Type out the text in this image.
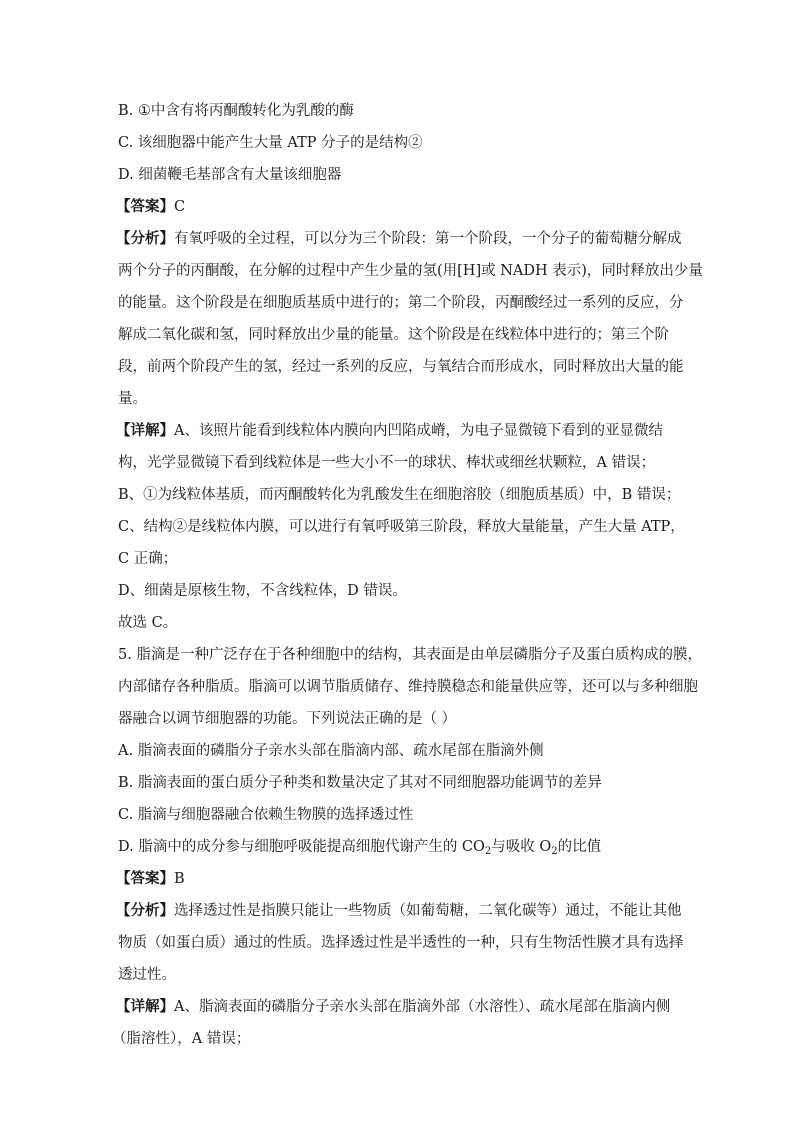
B. ①中含有将丙酮酸转化为乳酸的酶
C. 该细胞器中能产生大量 ATP 分子的是结构②
D. 细菌鞭毛基部含有大量该细胞器
【答案】C
【分析】有氧呼吸的全过程，可以分为三个阶段：第一个阶段，一个分子的葡萄糖分解成
两个分子的丙酮酸，在分解的过程中产生少量的氢(用[H]或 NADH 表示)，同时释放出少量
的能量。这个阶段是在细胞质基质中进行的；第二个阶段，丙酮酸经过一系列的反应，分
解成二氧化碳和氢，同时释放出少量的能量。这个阶段是在线粒体中进行的；第三个阶
段，前两个阶段产生的氢，经过一系列的反应，与氧结合而形成水，同时释放出大量的能
量。
【详解】A、该照片能看到线粒体内膜向内凹陷成嵴，为电子显微镜下看到的亚显微结
构，光学显微镜下看到线粒体是一些大小不一的球状、棒状或细丝状颗粒，A 错误；
B、①为线粒体基质，而丙酮酸转化为乳酸发生在细胞溶胶（细胞质基质）中，B 错误；
C、结构②是线粒体内膜，可以进行有氧呼吸第三阶段，释放大量能量，产生大量 ATP，
C 正确；
D、细菌是原核生物，不含线粒体，D 错误。
故选 C。
5. 脂滴是一种广泛存在于各种细胞中的结构，其表面是由单层磷脂分子及蛋白质构成的膜，
内部储存各种脂质。脂滴可以调节脂质储存、维持膜稳态和能量供应等，还可以与多种细胞
器融合以调节细胞器的功能。下列说法正确的是（ ）
A. 脂滴表面的磷脂分子亲水头部在脂滴内部、疏水尾部在脂滴外侧
B. 脂滴表面的蛋白质分子种类和数量决定了其对不同细胞器功能调节的差异
C. 脂滴与细胞器融合依赖生物膜的选择透过性
D. 脂滴中的成分参与细胞呼吸能提高细胞代谢产生的 $CO_2$与吸收 $O_2$的比值
【答案】B
【分析】选择透过性是指膜只能让一些物质（如葡萄糖，二氧化碳等）通过，不能让其他
物质（如蛋白质）通过的性质。选择透过性是半透性的一种，只有生物活性膜才具有选择
透过性。
【详解】A、脂滴表面的磷脂分子亲水头部在脂滴外部（水溶性）、疏水尾部在脂滴内侧
（脂溶性），A 错误；
